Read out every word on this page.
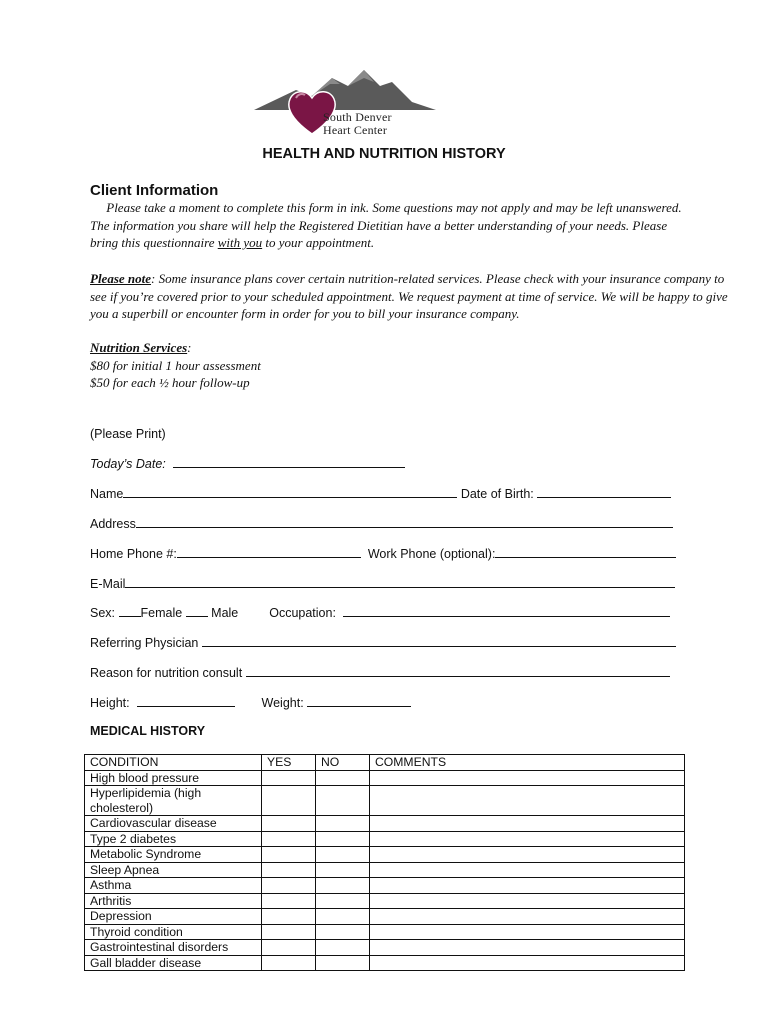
South Denver
Heart Center
HEALTH AND NUTRITION HISTORY
Client Information
Please take a moment to complete this form in ink. Some questions may not apply and may be left unanswered. The information you share will help the Registered Dietitian have a better understanding of your needs. Please bring this questionnaire with you to your appointment.
Please note: Some insurance plans cover certain nutrition-related services. Please check with your insurance company to see if you’re covered prior to your scheduled appointment. We request payment at time of service. We will be happy to give you a superbill or encounter form in order for you to bill your insurance company.
Nutrition Services:
$80 for initial 1 hour assessment
$50 for each ½ hour follow-up
(Please Print)
Today’s Date:
Name	Date of Birth:
Address
Home Phone #:	Work Phone (optional):
E-Mail
Sex: Female Male Occupation:
Referring Physician
Reason for nutrition consult
Height:	Weight:
MEDICAL HISTORY
CONDITION	YES	NO	COMMENTS
High blood pressure			
Hyperlipidemia (high cholesterol)			
Cardiovascular disease			
Type 2 diabetes			
Metabolic Syndrome			
Sleep Apnea			
Asthma			
Arthritis			
Depression			
Thyroid condition			
Gastrointestinal disorders			
Gall bladder disease			
